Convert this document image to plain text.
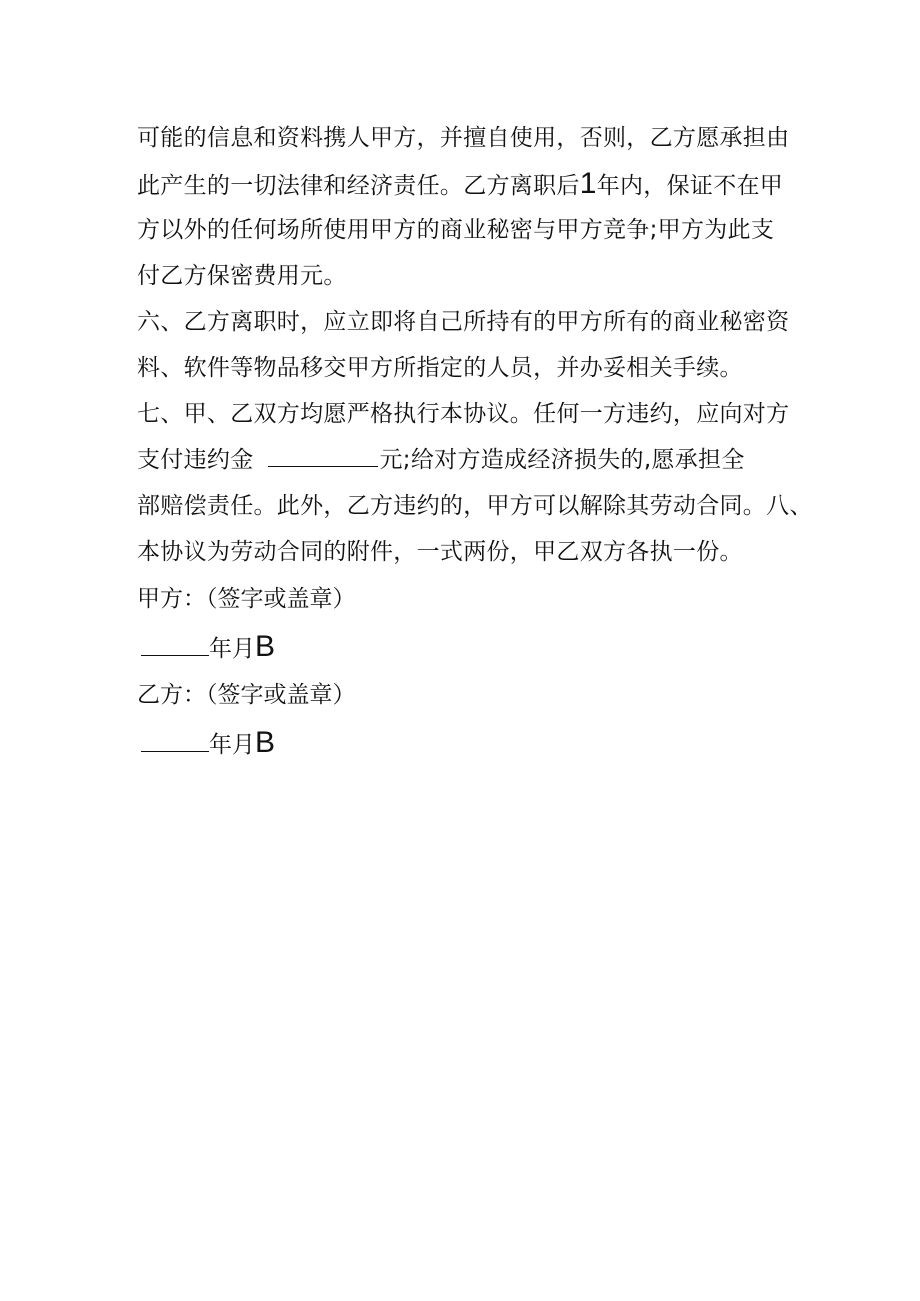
可能的信息和资料携人甲方，并擅自使用，否则，乙方愿承担由
此产生的一切法律和经济责任。乙方离职后1年内，保证不在甲
方以外的任何场所使用甲方的商业秘密与甲方竞争;甲方为此支
付乙方保密费用元。
六、乙方离职时，应立即将自己所持有的甲方所有的商业秘密资
料、软件等物品移交甲方所指定的人员，并办妥相关手续。
七、甲、乙双方均愿严格执行本协议。任何一方违约，应向对方
支付违约金	元;给对方造成经济损失的,愿承担全
部赔偿责任。此外，乙方违约的，甲方可以解除其劳动合同。八、
本协议为劳动合同的附件，一式两份，甲乙双方各执一份。
甲方：（签字或盖章）
年月B
乙方：（签字或盖章）
年月B
